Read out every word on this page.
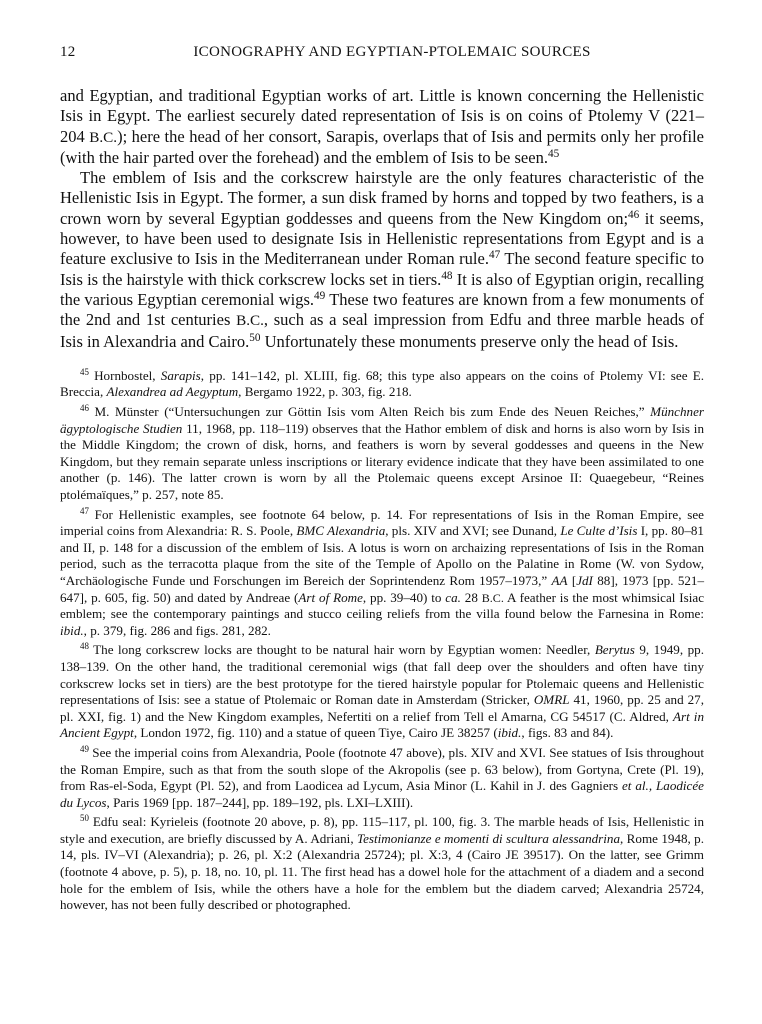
12	ICONOGRAPHY AND EGYPTIAN-PTOLEMAIC SOURCES

and Egyptian, and traditional Egyptian works of art. Little is known concerning the Hellenistic Isis in Egypt. The earliest securely dated representation of Isis is on coins of Ptolemy V (221–204 B.C.); here the head of her consort, Sarapis, overlaps that of Isis and permits only her profile (with the hair parted over the forehead) and the emblem of Isis to be seen.$^{45}$

The emblem of Isis and the corkscrew hairstyle are the only features characteristic of the Hellenistic Isis in Egypt. The former, a sun disk framed by horns and topped by two feathers, is a crown worn by several Egyptian goddesses and queens from the New Kingdom on;$^{46}$ it seems, however, to have been used to designate Isis in Hellenistic representations from Egypt and is a feature exclusive to Isis in the Mediterranean under Roman rule.$^{47}$ The second feature specific to Isis is the hairstyle with thick corkscrew locks set in tiers.$^{48}$ It is also of Egyptian origin, recalling the various Egyptian ceremonial wigs.$^{49}$ These two features are known from a few monuments of the 2nd and 1st centuries B.C., such as a seal impression from Edfu and three marble heads of Isis in Alexandria and Cairo.$^{50}$ Unfortunately these monuments preserve only the head of Isis.

$^{45}$ Hornbostel, Sarapis, pp. 141–142, pl. XLIII, fig. 68; this type also appears on the coins of Ptolemy VI: see E. Breccia, Alexandrea ad Aegyptum, Bergamo 1922, p. 303, fig. 218.

$^{46}$ M. Münster (“Untersuchungen zur Göttin Isis vom Alten Reich bis zum Ende des Neuen Reiches,” Münchner ägyptologische Studien 11, 1968, pp. 118–119) observes that the Hathor emblem of disk and horns is also worn by Isis in the Middle Kingdom; the crown of disk, horns, and feathers is worn by several goddesses and queens in the New Kingdom, but they remain separate unless inscriptions or literary evidence indicate that they have been assimilated to one another (p. 146). The latter crown is worn by all the Ptolemaic queens except Arsinoe II: Quaegebeur, “Reines ptolémaïques,” p. 257, note 85.

$^{47}$ For Hellenistic examples, see footnote 64 below, p. 14. For representations of Isis in the Roman Empire, see imperial coins from Alexandria: R. S. Poole, BMC Alexandria, pls. XIV and XVI; see Dunand, Le Culte d’Isis I, pp. 80–81 and II, p. 148 for a discussion of the emblem of Isis. A lotus is worn on archaizing representations of Isis in the Roman period, such as the terracotta plaque from the site of the Temple of Apollo on the Palatine in Rome (W. von Sydow, “Archäologische Funde und Forschungen im Bereich der Soprintendenz Rom 1957–1973,” AA [JdI 88], 1973 [pp. 521–647], p. 605, fig. 50) and dated by Andreae (Art of Rome, pp. 39–40) to ca. 28 B.C. A feather is the most whimsical Isiac emblem; see the contemporary paintings and stucco ceiling reliefs from the villa found below the Farnesina in Rome: ibid., p. 379, fig. 286 and figs. 281, 282.

$^{48}$ The long corkscrew locks are thought to be natural hair worn by Egyptian women: Needler, Berytus 9, 1949, pp. 138–139. On the other hand, the traditional ceremonial wigs (that fall deep over the shoulders and often have tiny corkscrew locks set in tiers) are the best prototype for the tiered hairstyle popular for Ptolemaic queens and Hellenistic representations of Isis: see a statue of Ptolemaic or Roman date in Amsterdam (Stricker, OMRL 41, 1960, pp. 25 and 27, pl. XXI, fig. 1) and the New Kingdom examples, Nefertiti on a relief from Tell el Amarna, CG 54517 (C. Aldred, Art in Ancient Egypt, London 1972, fig. 110) and a statue of queen Tiye, Cairo JE 38257 (ibid., figs. 83 and 84).

$^{49}$ See the imperial coins from Alexandria, Poole (footnote 47 above), pls. XIV and XVI. See statues of Isis throughout the Roman Empire, such as that from the south slope of the Akropolis (see p. 63 below), from Gortyna, Crete (Pl. 19), from Ras-el-Soda, Egypt (Pl. 52), and from Laodicea ad Lycum, Asia Minor (L. Kahil in J. des Gagniers et al., Laodicée du Lycos, Paris 1969 [pp. 187–244], pp. 189–192, pls. LXI–LXIII).

$^{50}$ Edfu seal: Kyrieleis (footnote 20 above, p. 8), pp. 115–117, pl. 100, fig. 3. The marble heads of Isis, Hellenistic in style and execution, are briefly discussed by A. Adriani, Testimonianze e momenti di scultura alessandrina, Rome 1948, p. 14, pls. IV–VI (Alexandria); p. 26, pl. X:2 (Alexandria 25724); pl. X:3, 4 (Cairo JE 39517). On the latter, see Grimm (footnote 4 above, p. 5), p. 18, no. 10, pl. 11. The first head has a dowel hole for the attachment of a diadem and a second hole for the emblem of Isis, while the others have a hole for the emblem but the diadem carved; Alexandria 25724, however, has not been fully described or photographed.
